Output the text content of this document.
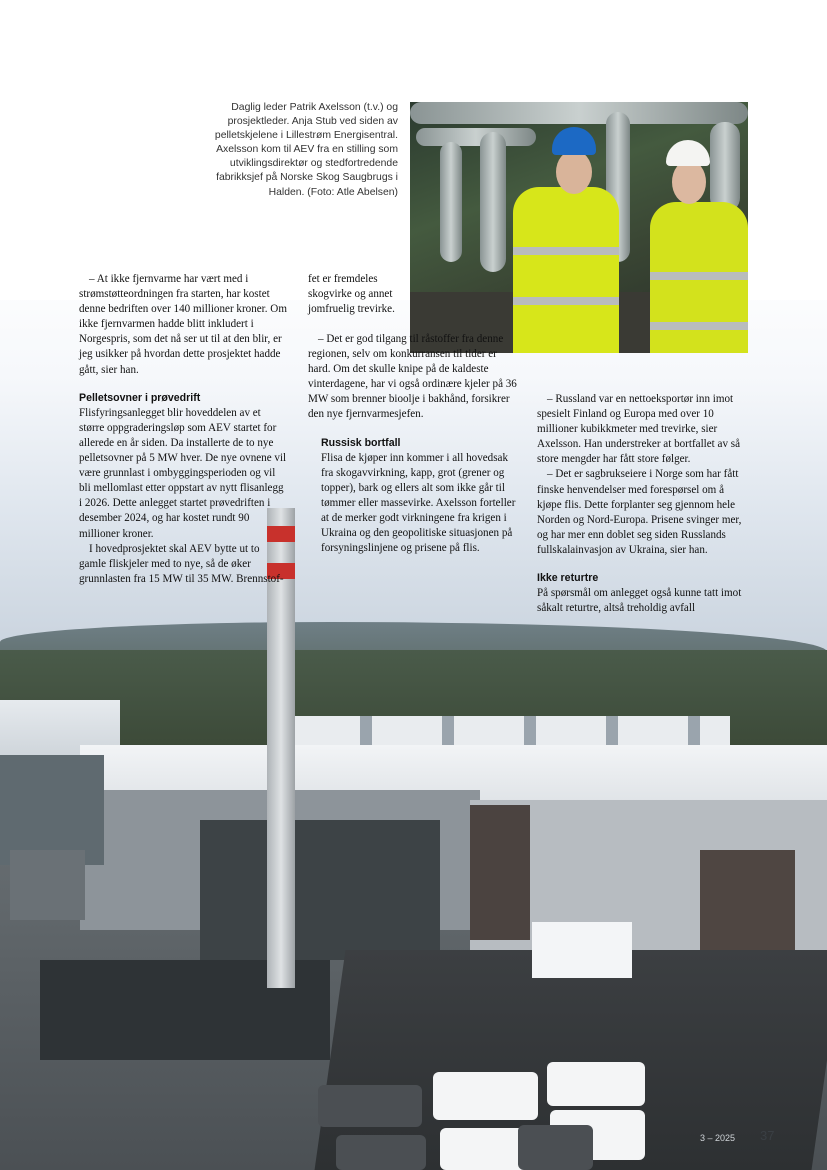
Daglig leder Patrik Axelsson (t.v.) og prosjektleder. Anja Stub ved siden av pelletskjelene i Lillestrøm Energisentral. Axelsson kom til AEV fra en stilling som utviklingsdirektør og stedfortredende fabrikksjef på Norske Skog Saugbrugs i Halden. (Foto: Atle Abelsen)

– At ikke fjernvarme har vært med i strømstøtteordningen fra starten, har kostet denne bedriften over 140 millioner kroner. Om ikke fjernvarmen hadde blitt inkludert i Norgespris, som det nå ser ut til at den blir, er jeg usikker på hvordan dette prosjektet hadde gått, sier han.

Pelletsovner i prøvedrift

Flisfyringsanlegget blir hoveddelen av et større oppgraderingsløp som AEV startet for allerede en år siden. Da installerte de to nye pelletsovner på 5 MW hver. De nye ovnene vil være grunnlast i ombyggingsperioden og vil bli mellomlast etter oppstart av nytt flisanlegg i 2026. Dette anlegget startet prøvedriften i desember 2024, og har kostet rundt 90 millioner kroner.

I hovedprosjektet skal AEV bytte ut to gamle fliskjeler med to nye, så de øker grunnlasten fra 15 MW til 35 MW. Brennstof-

fet er fremdeles skogvirke og annet jomfruelig trevirke.

– Det er god tilgang til råstoffer fra denne regionen, selv om konkurransen til tider er hard. Om det skulle knipe på de kaldeste vinterdagene, har vi også ordinære kjeler på 36 MW som brenner bioolje i bakhånd, forsikrer den nye fjernvarmesjefen.

Russisk bortfall

Flisa de kjøper inn kommer i all hovedsak fra skogavvirkning, kapp, grot (grener og topper), bark og ellers alt som ikke går til tømmer eller massevirke. Axelsson forteller at de merker godt virkningene fra krigen i Ukraina og den geopolitiske situasjonen på forsyningslinjene og prisene på flis.

– Russland var en nettoeksportør inn imot spesielt Finland og Europa med over 10 millioner kubikkmeter med trevirke, sier Axelsson. Han understreker at bortfallet av så store mengder har fått store følger.

– Det er sagbrukseiere i Norge som har fått finske henvendelser med forespørsel om å kjøpe flis. Dette forplanter seg gjennom hele Norden og Nord-Europa. Prisene svinger mer, og har mer enn doblet seg siden Russlands fullskalainvasjon av Ukraina, sier han.

Ikke returtre

På spørsmål om anlegget også kunne tatt imot såkalt returtre, altså treholdig avfall

3 – 2025 37
